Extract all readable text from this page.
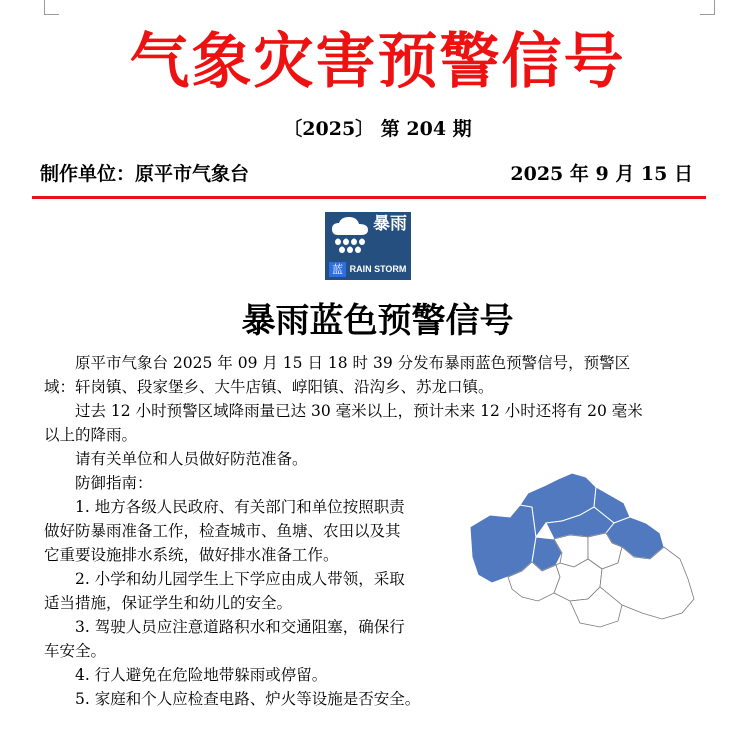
气象灾害预警信号
〔2025〕 第 204 期
制作单位：原平市气象台	2025 年 9 月 15 日
暴雨
蓝 RAIN STORM
暴雨蓝色预警信号
原平市气象台 2025 年 09 月 15 日 18 时 39 分发布暴雨蓝色预警信号，预警区
域：轩岗镇、段家堡乡、大牛店镇、崞阳镇、沿沟乡、苏龙口镇。
过去 12 小时预警区域降雨量已达 30 毫米以上，预计未来 12 小时还将有 20 毫米
以上的降雨。
请有关单位和人员做好防范准备。
防御指南：
1. 地方各级人民政府、有关部门和单位按照职责
做好防暴雨准备工作，检查城市、鱼塘、农田以及其
它重要设施排水系统，做好排水准备工作。
2. 小学和幼儿园学生上下学应由成人带领，采取
适当措施，保证学生和幼儿的安全。
3. 驾驶人员应注意道路积水和交通阻塞，确保行
车安全。
4. 行人避免在危险地带躲雨或停留。
5. 家庭和个人应检查电路、炉火等设施是否安全。
